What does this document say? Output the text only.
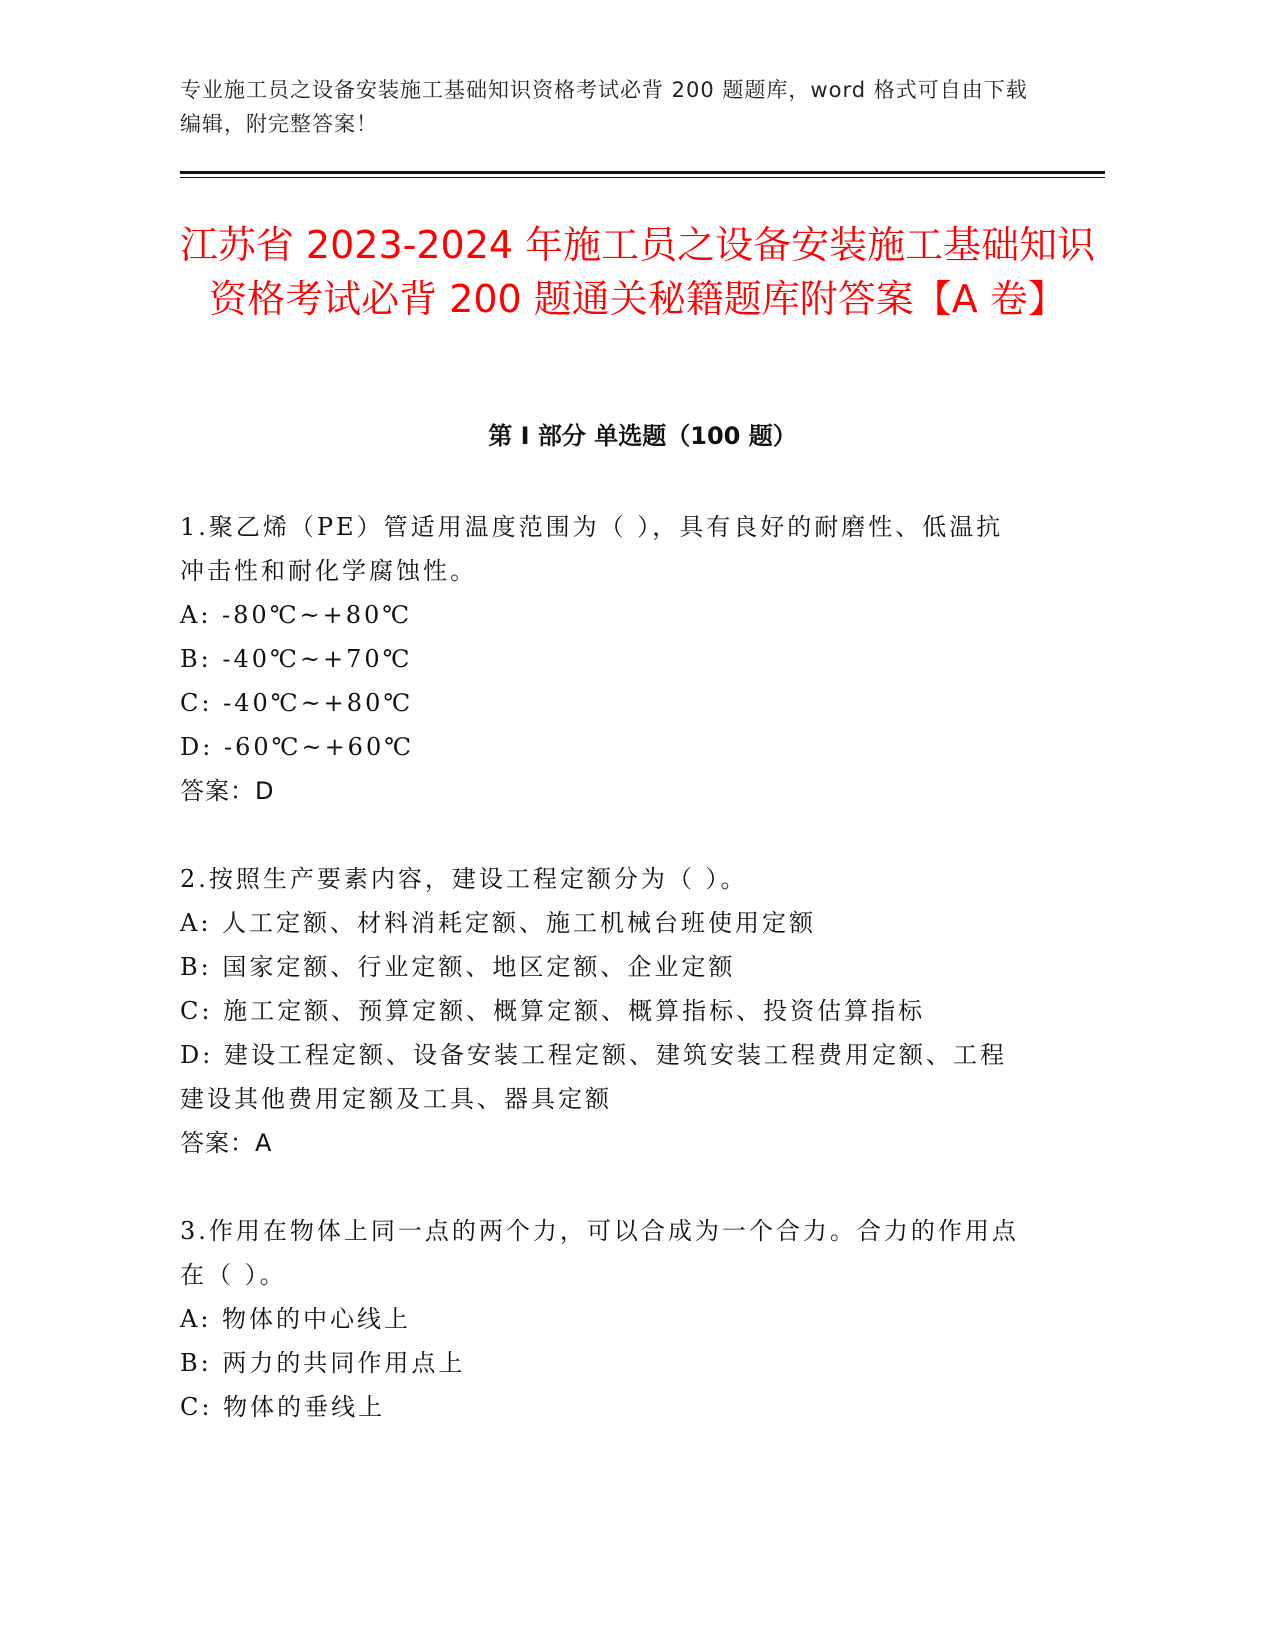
专业施工员之设备安装施工基础知识资格考试必背 200 题题库，word 格式可自由下载编辑，附完整答案！
江苏省 2023-2024 年施工员之设备安装施工基础知识资格考试必背 200 题通关秘籍题库附答案【A 卷】
第 I 部分 单选题（100 题）

1.聚乙烯（PE）管适用温度范围为（ ），具有良好的耐磨性、低温抗冲击性和耐化学腐蚀性。

A: -80℃~+80℃

B: -40℃~+70℃

C: -40℃~+80℃

D: -60℃~+60℃

答案：D

2.按照生产要素内容，建设工程定额分为（ ）。

A: 人工定额、材料消耗定额、施工机械台班使用定额

B: 国家定额、行业定额、地区定额、企业定额

C: 施工定额、预算定额、概算定额、概算指标、投资估算指标

D: 建设工程定额、设备安装工程定额、建筑安装工程费用定额、工程建设其他费用定额及工具、器具定额

答案：A

3.作用在物体上同一点的两个力，可以合成为一个合力。合力的作用点在（ ）。

A: 物体的中心线上

B: 两力的共同作用点上

C: 物体的垂线上
